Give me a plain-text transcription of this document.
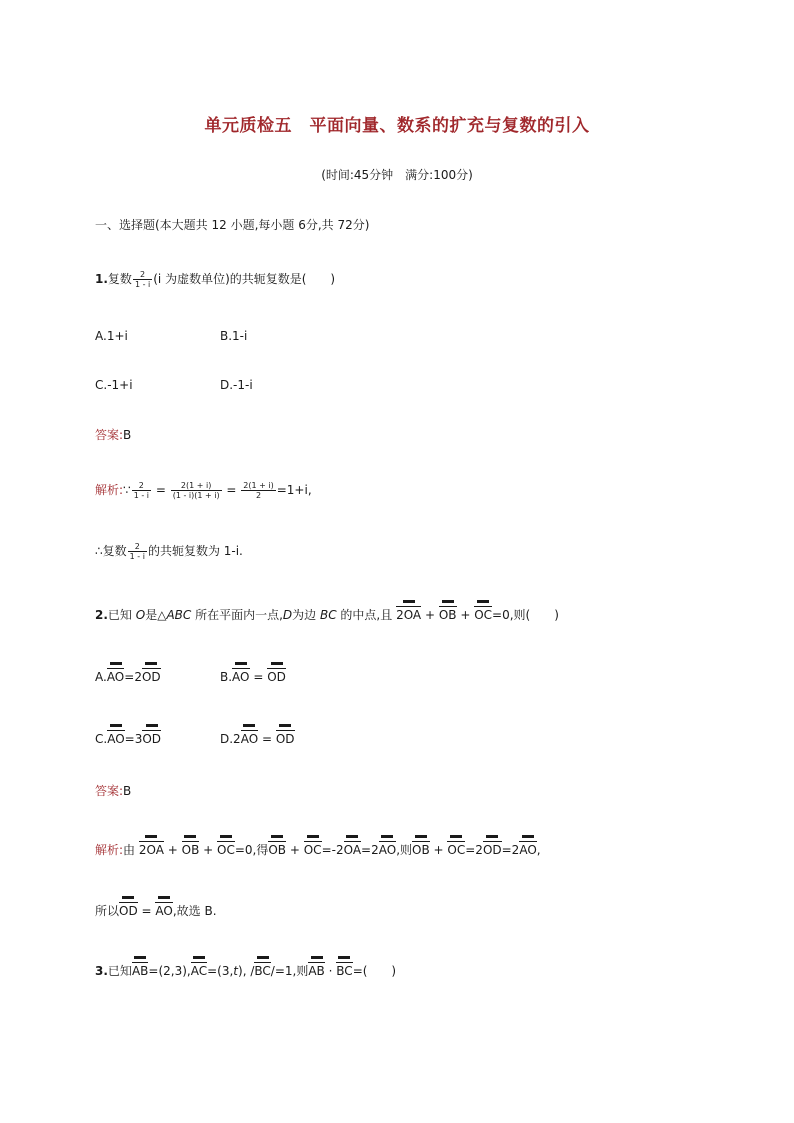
单元质检五　平面向量、数系的扩充与复数的引入
(时间:45分钟　满分:100分)
一、选择题(本大题共 12 小题,每小题 6分,共 72分)
1.复数 $\frac{2}{1 - i} (i$ 为虚数单位)的共轭复数是(　　)
A.1+i	B.1-i
C.-1+i	D.-1-i
答案:B
解析:∵ $\frac{2}{1 - i} = \frac{2(1 + i)}{(1 - i)(1 + i)} = \frac{2(1 + i)}{2} =1+i$,
∴复数 $\frac{2}{1 - i}$ 的共轭复数为 1-i.
2.已知 O是△ABC 所在平面内一点,D为边 BC 的中点,且 2OA + OB + OC=0,则(　　)
A.AO=2OD	B.AO = OD
C.AO=3OD	D.2AO = OD
答案:B
解析:由 2OA + OB + OC=0,得OB + OC=-2OA=2AO,则OB + OC=2OD=2AO,
所以OD = AO,故选 B.
3.已知AB=(2,3),AC=(3,t), /BC/=1,则AB · BC=(　　)
